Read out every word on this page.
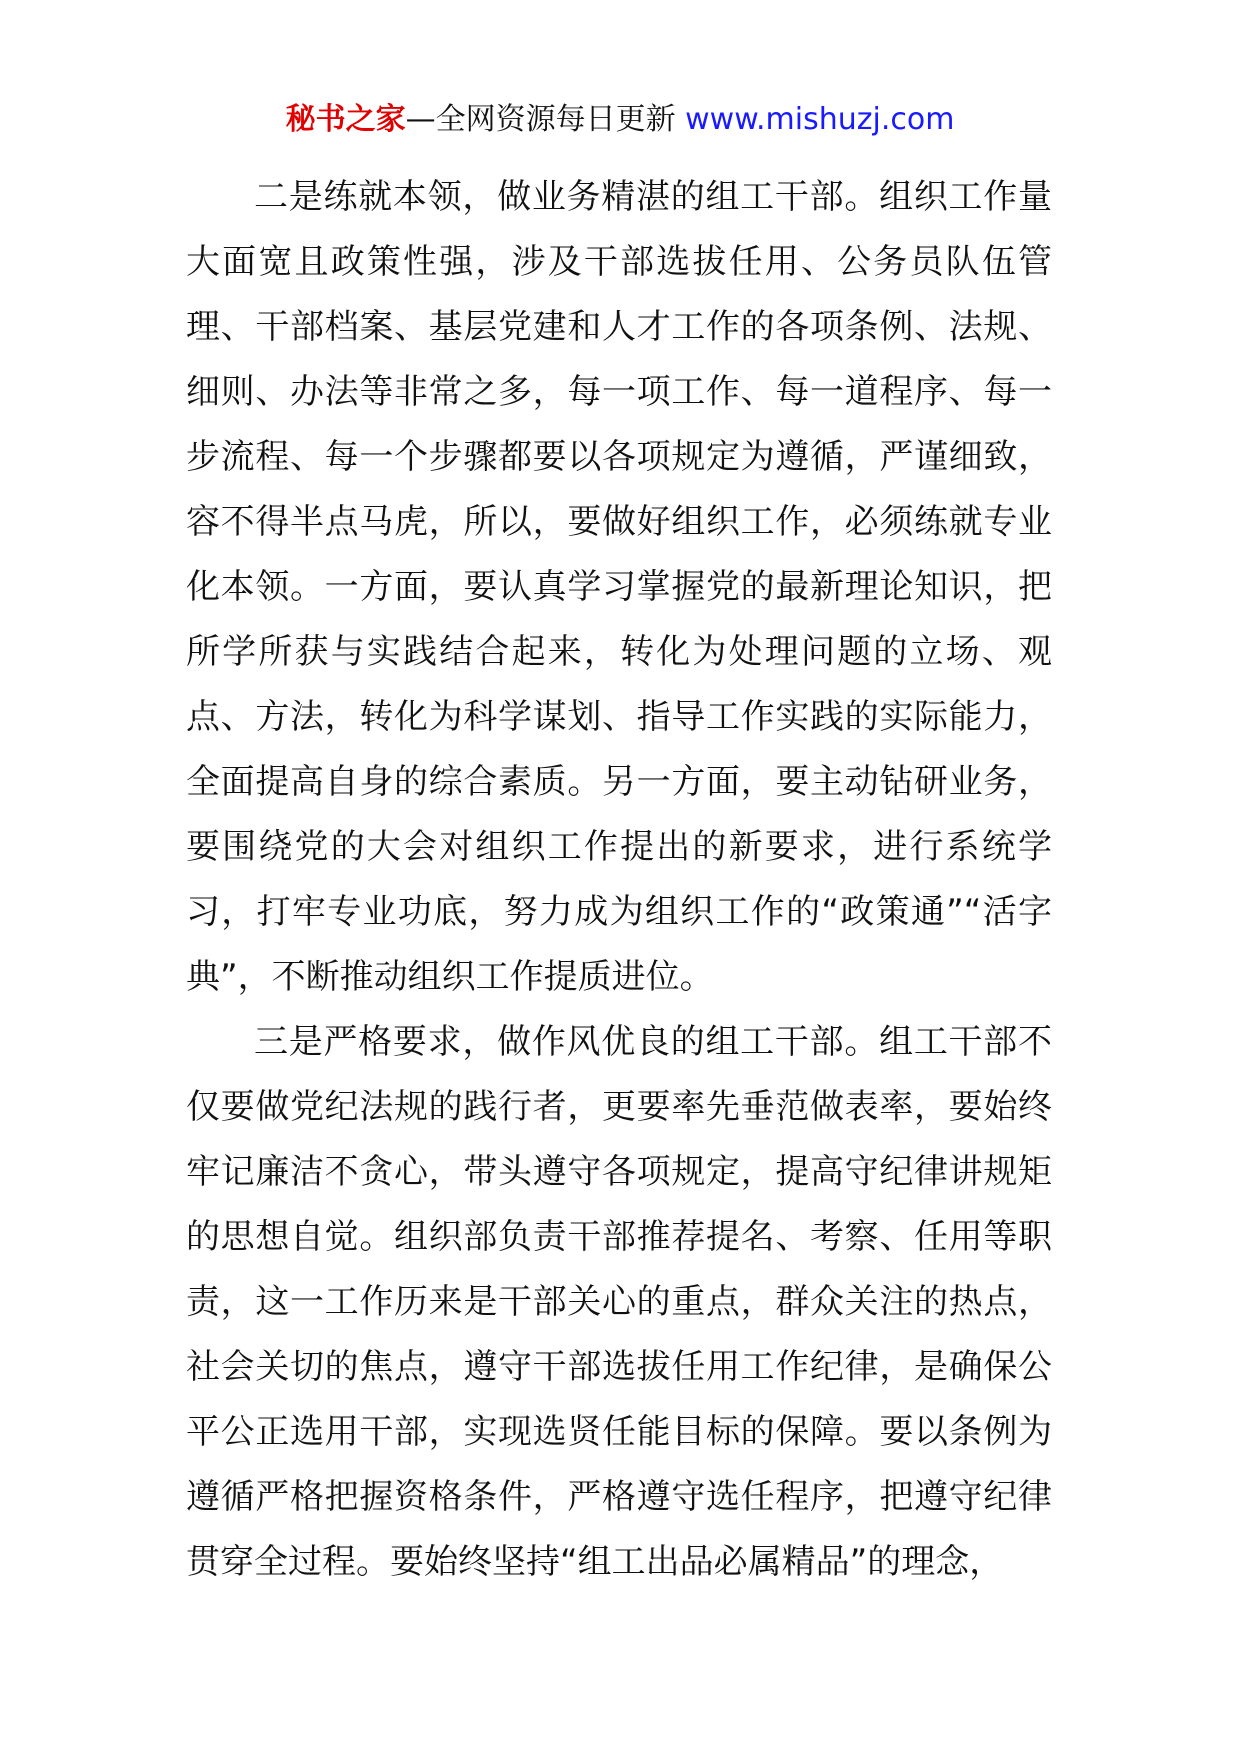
秘书之家—全网资源每日更新 www.mishuzj.com

二是练就本领，做业务精湛的组工干部。组织工作量大面宽且政策性强，涉及干部选拔任用、公务员队伍管理、干部档案、基层党建和人才工作的各项条例、法规、细则、办法等非常之多，每一项工作、每一道程序、每一步流程、每一个步骤都要以各项规定为遵循，严谨细致，容不得半点马虎，所以，要做好组织工作，必须练就专业化本领。一方面，要认真学习掌握党的最新理论知识，把所学所获与实践结合起来，转化为处理问题的立场、观点、方法，转化为科学谋划、指导工作实践的实际能力，全面提高自身的综合素质。另一方面，要主动钻研业务，要围绕党的大会对组织工作提出的新要求，进行系统学习，打牢专业功底，努力成为组织工作的“政策通”“活字典”，不断推动组织工作提质进位。

三是严格要求，做作风优良的组工干部。组工干部不仅要做党纪法规的践行者，更要率先垂范做表率，要始终牢记廉洁不贪心，带头遵守各项规定，提高守纪律讲规矩的思想自觉。组织部负责干部推荐提名、考察、任用等职责，这一工作历来是干部关心的重点，群众关注的热点，社会关切的焦点，遵守干部选拔任用工作纪律，是确保公平公正选用干部，实现选贤任能目标的保障。要以条例为遵循严格把握资格条件，严格遵守选任程序，把遵守纪律贯穿全过程。要始终坚持“组工出品必属精品”的理念，
